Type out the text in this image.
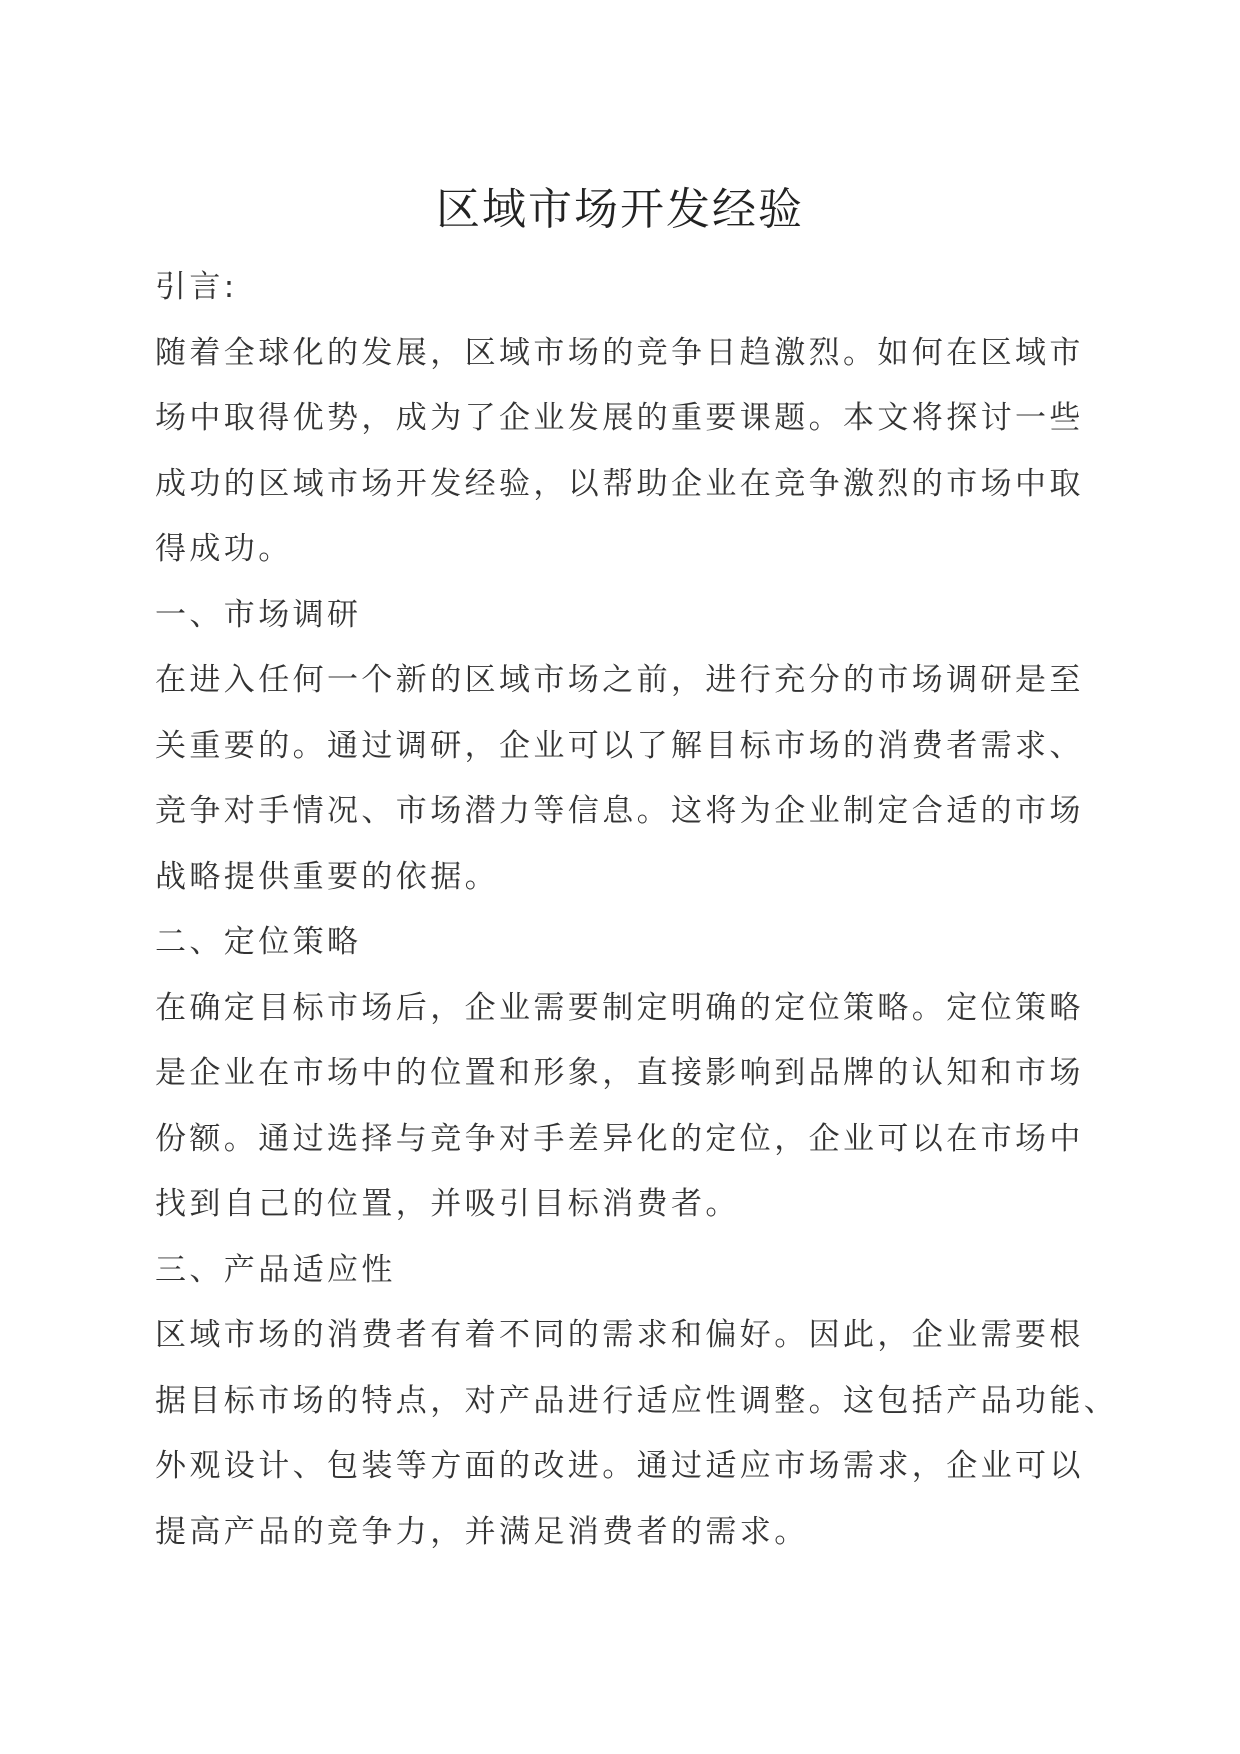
区域市场开发经验

引言:

随着全球化的发展，区域市场的竞争日趋激烈。如何在区域市

场中取得优势，成为了企业发展的重要课题。本文将探讨一些

成功的区域市场开发经验，以帮助企业在竞争激烈的市场中取

得成功。

一、市场调研

在进入任何一个新的区域市场之前，进行充分的市场调研是至

关重要的。通过调研，企业可以了解目标市场的消费者需求、

竞争对手情况、市场潜力等信息。这将为企业制定合适的市场

战略提供重要的依据。

二、定位策略

在确定目标市场后，企业需要制定明确的定位策略。定位策略

是企业在市场中的位置和形象，直接影响到品牌的认知和市场

份额。通过选择与竞争对手差异化的定位，企业可以在市场中

找到自己的位置，并吸引目标消费者。

三、产品适应性

区域市场的消费者有着不同的需求和偏好。因此，企业需要根

据目标市场的特点，对产品进行适应性调整。这包括产品功能、

外观设计、包装等方面的改进。通过适应市场需求，企业可以

提高产品的竞争力，并满足消费者的需求。
